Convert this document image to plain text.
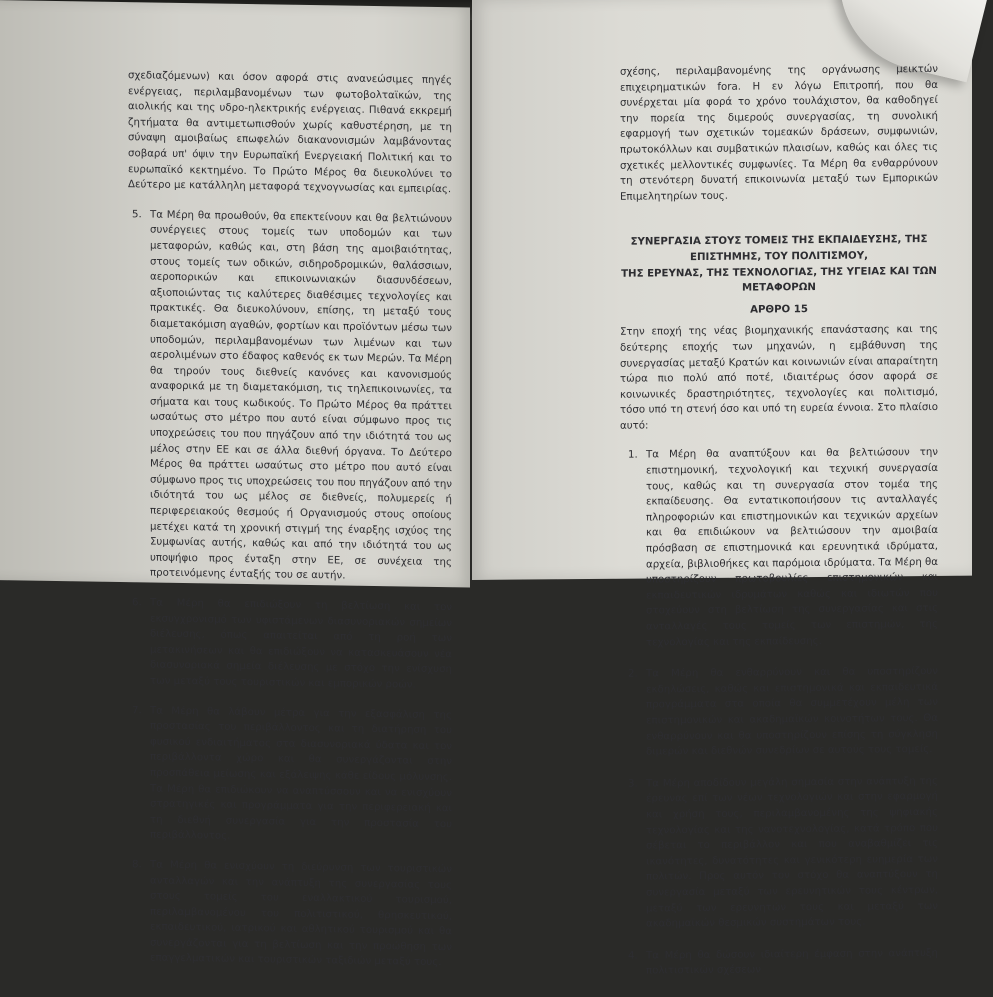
σχεδιαζόμενων) και όσον αφορά στις ανανεώσιμες πηγές ενέργειας, περιλαμβανομένων των φωτοβολταϊκών, της αιολικής και της υδρο-ηλεκτρικής ενέργειας. Πιθανά εκκρεμή ζητήματα θα αντιμετωπισθούν χωρίς καθυστέρηση, με τη σύναψη αμοιβαίως επωφελών διακανονισμών λαμβάνοντας σοβαρά υπ' όψιν την Ευρωπαϊκή Ενεργειακή Πολιτική και το ευρωπαϊκό κεκτημένο. Το Πρώτο Μέρος θα διευκολύνει το Δεύτερο με κατάλληλη μεταφορά τεχνογνωσίας και εμπειρίας.

5. Τα Μέρη θα προωθούν, θα επεκτείνουν και θα βελτιώνουν συνέργειες στους τομείς των υποδομών και των μεταφορών, καθώς και, στη βάση της αμοιβαιότητας, στους τομείς των οδικών, σιδηροδρομικών, θαλάσσιων, αεροπορικών και επικοινωνιακών διασυνδέσεων, αξιοποιώντας τις καλύτερες διαθέσιμες τεχνολογίες και πρακτικές. Θα διευκολύνουν, επίσης, τη μεταξύ τους διαμετακόμιση αγαθών, φορτίων και προϊόντων μέσω των υποδομών, περιλαμβανομένων των λιμένων και των αερολιμένων στο έδαφος καθενός εκ των Μερών. Τα Μέρη θα τηρούν τους διεθνείς κανόνες και κανονισμούς αναφορικά με τη διαμετακόμιση, τις τηλεπικοινωνίες, τα σήματα και τους κωδικούς. Το Πρώτο Μέρος θα πράττει ωσαύτως στο μέτρο που αυτό είναι σύμφωνο προς τις υποχρεώσεις του που πηγάζουν από την ιδιότητά του ως μέλος στην ΕΕ και σε άλλα διεθνή όργανα. Το Δεύτερο Μέρος θα πράττει ωσαύτως στο μέτρο που αυτό είναι σύμφωνο προς τις υποχρεώσεις του που πηγάζουν από την ιδιότητά του ως μέλος σε διεθνείς, πολυμερείς ή περιφερειακούς θεσμούς ή Οργανισμούς στους οποίους μετέχει κατά τη χρονική στιγμή της έναρξης ισχύος της Συμφωνίας αυτής, καθώς και από την ιδιότητά του ως υποψήφιο προς ένταξη στην ΕΕ, σε συνέχεια της προτεινόμενης ένταξής του σε αυτήν.

6. Τα Μέρη θα επιδιώξουν τη βελτίωση και τον εκσυγχρονισμό των υφιστάμενων διασυνοριακών σημείων διέλευσης, όπως απαιτείται από τη ροή των μετακινήσεων και θα επιδιώξουν να κατασκευάσουν νέα διασυνοριακά σημεία διέλευσης με στόχο την ενίσχυση των μεταξύ τους τουριστικών και εμπορικών ροών.

7. Τα Μέρη θα λάβουν μέτρα για την εξασφάλιση της προστασίας του περιβάλλοντος και τη διατήρηση του φυσικού ενδιαιτήματος στα διασυνοριακά ύδατα και τον περιβάλλοντα χώρο και θα συνεργάζονται στην προσπάθεια μείωσης και εξάλειψης κάθε είδους μόλυνσης. Τα Μέρη θα επιδιώκουν να αναπτύσσουν και να ενισχύουν στρατηγικές και προγράμματα για την περιφερειακή και τη διεθνή συνεργασία για την προστασία του περιβάλλοντος.

8. Τα Μέρη θα ενισχύουν τη διεύρυνση των τουριστικών ανταλλαγών και την ανάπτυξη της συνεργασίας τους στους τομείς του εναλλακτικού τουρισμού, περιλαμβανομένου του πολιτιστικού, θρησκευτικού, εκπαιδευτικού, ιατρικού και αθλητικού τουρισμού και θα συνεργάζονται για τη βελτίωση και την προώθηση των επαγγελματικών και τουριστικών ταξιδιών μεταξύ τους.

σχέσης, περιλαμβανομένης της οργάνωσης μεικτών επιχειρηματικών fora. Η εν λόγω Επιτροπή, που θα συνέρχεται μία φορά το χρόνο τουλάχιστον, θα καθοδηγεί την πορεία της διμερούς συνεργασίας, τη συνολική εφαρμογή των σχετικών τομεακών δράσεων, συμφωνιών, πρωτοκόλλων και συμβατικών πλαισίων, καθώς και όλες τις σχετικές μελλοντικές συμφωνίες. Τα Μέρη θα ενθαρρύνουν τη στενότερη δυνατή επικοινωνία μεταξύ των Εμπορικών Επιμελητηρίων τους.

ΣΥΝΕΡΓΑΣΙΑ ΣΤΟΥΣ ΤΟΜΕΙΣ ΤΗΣ ΕΚΠΑΙΔΕΥΣΗΣ, ΤΗΣ ΕΠΙΣΤΗΜΗΣ, ΤΟΥ ΠΟΛΙΤΙΣΜΟΥ,

ΤΗΣ ΕΡΕΥΝΑΣ, ΤΗΣ ΤΕΧΝΟΛΟΓΙΑΣ, ΤΗΣ ΥΓΕΙΑΣ ΚΑΙ ΤΩΝ ΜΕΤΑΦΟΡΩΝ

ΑΡΘΡΟ 15

Στην εποχή της νέας βιομηχανικής επανάστασης και της δεύτερης εποχής των μηχανών, η εμβάθυνση της συνεργασίας μεταξύ Κρατών και κοινωνιών είναι απαραίτητη τώρα πιο πολύ από ποτέ, ιδιαιτέρως όσον αφορά σε κοινωνικές δραστηριότητες, τεχνολογίες και πολιτισμό, τόσο υπό τη στενή όσο και υπό τη ευρεία έννοια. Στο πλαίσιο αυτό:

1. Τα Μέρη θα αναπτύξουν και θα βελτιώσουν την επιστημονική, τεχνολογική και τεχνική συνεργασία τους, καθώς και τη συνεργασία στον τομέα της εκπαίδευσης. Θα εντατικοποιήσουν τις ανταλλαγές πληροφοριών και επιστημονικών και τεχνικών αρχείων και θα επιδιώκουν να βελτιώσουν την αμοιβαία πρόσβαση σε επιστημονικά και ερευνητικά ιδρύματα, αρχεία, βιβλιοθήκες και παρόμοια ιδρύματα. Τα Μέρη θα υποστηρίζουν πρωτοβουλίες επιστημονικών και εκπαιδευτικών ιδρυμάτων καθώς και ιδιωτών που στοχεύουν στη βελτίωση της συνεργασίας και στις ανταλλαγές τους τομείς των επιστημών, της τεχνολογίας και της εκπαίδευσης.

2. Τα Μέρη θα ενθαρρύνουν και θα υποστηρίζουν εκδηλώσεις, καθώς και επιστημονικά και εκπαιδευτικά προγράμματα στα οποία θα συμμετέχουν μέλη των επιστημονικών και ακαδημαϊκών κοινοτήτων τους. Θα ενθαρρύνουν και θα υποστηρίζουν επίσης τη σύγκληση διμερών και διεθνών συνεδρίων σε αυτούς τους τομείς.

3. Τα Μέρη αποδίδουν μεγάλη σημασία στην ανάπτυξη της έρευνας επί των νέων τεχνολογιών και στην εφαρμογή και χρήση τους, περιλαμβανομένης της ψηφιακής τεχνολογίας και της νανοτεχνολογίας, κατά τρόπο που σέβεται το περιβάλλον και που αναβαθμίζει τις ικανότητες, δυνατότητες και γενικότερη ευημερία των πολιτών. Προς αυτόν τον στόχο θα αναπτύξουν τη συνεργασία μεταξύ των ερευνητικών τους κέντρων, μεταξύ των ερευνητών τους και μεταξύ των ακαδημαϊκών θεσμικών συστημάτων τους.

4. Τα Μέρη θα δώσουν ιδιαίτερη έμφαση στην ανάπτυξη πολιτιστικών σχέσεων
